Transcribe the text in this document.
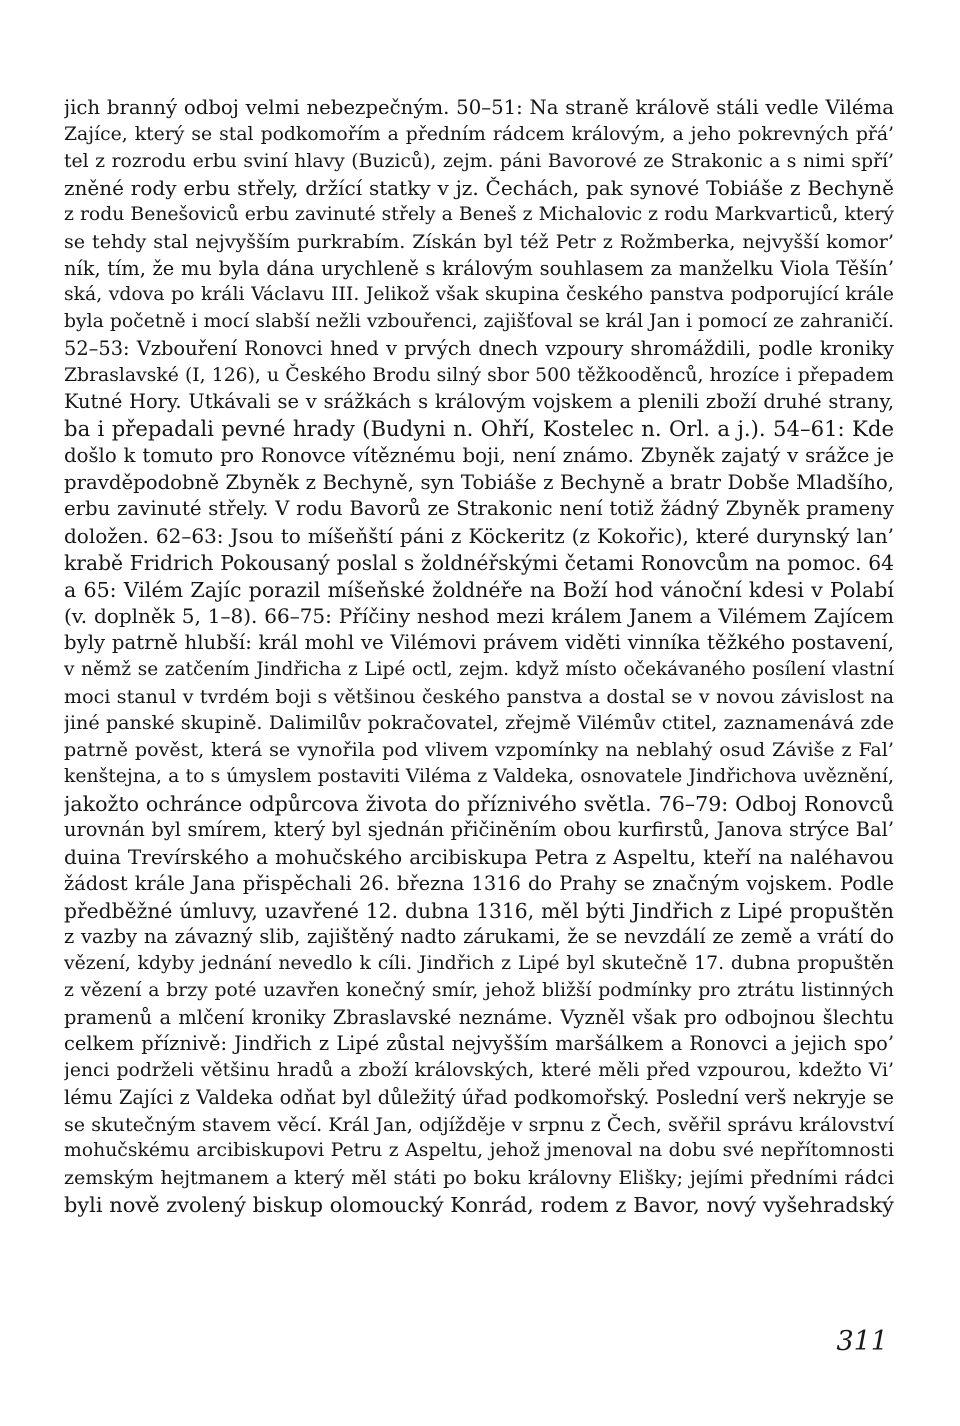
jich branný odboj velmi nebezpečným. 50–51: Na straně královĕ stáli vedle Viléma
Zajíce, který se stal podkomořím a předním rádcem královým, a jeho pokrevných přá’
tel z rozrodu erbu sviní hlavy (Buziců), zejm. páni Bavorové ze Strakonic a s nimi spří’
zněné rody erbu střely, držící statky v jz. Čechách, pak synové Tobiáše z Bechyně
z rodu Benešoviců erbu zavinuté střely a Beneš z Michalovic z rodu Markvarticů, který
se tehdy stal nejvyšším purkrabím. Získán byl též Petr z Rožmberka, nejvyšší komor’
ník, tím, že mu byla dána urychleně s královým souhlasem za manželku Viola Těšín’
ská, vdova po králi Václavu III. Jelikož však skupina českého panstva podporující krále
byla početně i mocí slabší nežli vzbouřenci, zajišťoval se král Jan i pomocí ze zahraničí.
52–53: Vzbouření Ronovci hned v prvých dnech vzpoury shromáždili, podle kroniky
Zbraslavské (I, 126), u Českého Brodu silný sbor 500 těžkooděnců, hrozíce i přepadem
Kutné Hory. Utkávali se v srážkách s královým vojskem a plenili zboží druhé strany,
ba i přepadali pevné hrady (Budyni n. Ohří, Kostelec n. Orl. a j.). 54–61: Kde
došlo k tomuto pro Ronovce vítěznému boji, není známo. Zbyněk zajatý v srážce je
pravděpodobně Zbyněk z Bechyně, syn Tobiáše z Bechyně a bratr Dobše Mladšího,
erbu zavinuté střely. V rodu Bavorů ze Strakonic není totiž žádný Zbyněk prameny
doložen. 62–63: Jsou to míšeňští páni z Köckeritz (z Kokořic), které durynský lan’
krabě Fridrich Pokousaný poslal s žoldnéřskými četami Ronovcům na pomoc. 64
a 65: Vilém Zajíc porazil míšeňské žoldnéře na Boží hod vánoční kdesi v Polabí
(v. doplněk 5, 1–8). 66–75: Příčiny neshod mezi králem Janem a Vilémem Zajícem
byly patrně hlubší: král mohl ve Vilémovi právem viděti vinníka těžkého postavení,
v němž se zatčením Jindřicha z Lipé octl, zejm. když místo očekávaného posílení vlastní
moci stanul v tvrdém boji s většinou českého panstva a dostal se v novou závislost na
jiné panské skupině. Dalimilův pokračovatel, zřejmě Vilémův ctitel, zaznamenává zde
patrně pověst, která se vynořila pod vlivem vzpomínky na neblahý osud Záviše z Fal’
kenštejna, a to s úmyslem postaviti Viléma z Valdeka, osnovatele Jindřichova uvěznění,
jakožto ochránce odpůrcova života do příznivého světla. 76–79: Odboj Ronovců
urovnán byl smírem, který byl sjednán přičiněním obou kurfirstů, Janova strýce Bal’
duina Trevírského a mohučského arcibiskupa Petra z Aspeltu, kteří na naléhavou
žádost krále Jana přispěchali 26. března 1316 do Prahy se značným vojskem. Podle
předběžné úmluvy, uzavřené 12. dubna 1316, měl býti Jindřich z Lipé propuštěn
z vazby na závazný slib, zajištěný nadto zárukami, že se nevzdálí ze země a vrátí do
vězení, kdyby jednání nevedlo k cíli. Jindřich z Lipé byl skutečně 17. dubna propuštěn
z vězení a brzy poté uzavřen konečný smír, jehož bližší podmínky pro ztrátu listinných
pramenů a mlčení kroniky Zbraslavské neznáme. Vyzněl však pro odbojnou šlechtu
celkem příznivě: Jindřich z Lipé zůstal nejvyšším maršálkem a Ronovci a jejich spo’
jenci podrželi většinu hradů a zboží královských, které měli před vzpourou, kdežto Vi’
lému Zajíci z Valdeka odňat byl důležitý úřad podkomořský. Poslední verš nekryje se
se skutečným stavem věcí. Král Jan, odjížděje v srpnu z Čech, svěřil správu království
mohučskému arcibiskupovi Petru z Aspeltu, jehož jmenoval na dobu své nepřítomnosti
zemským hejtmanem a který měl státi po boku královny Elišky; jejími předními rádci
byli nově zvolený biskup olomoucký Konrád, rodem z Bavor, nový vyšehradský
311
